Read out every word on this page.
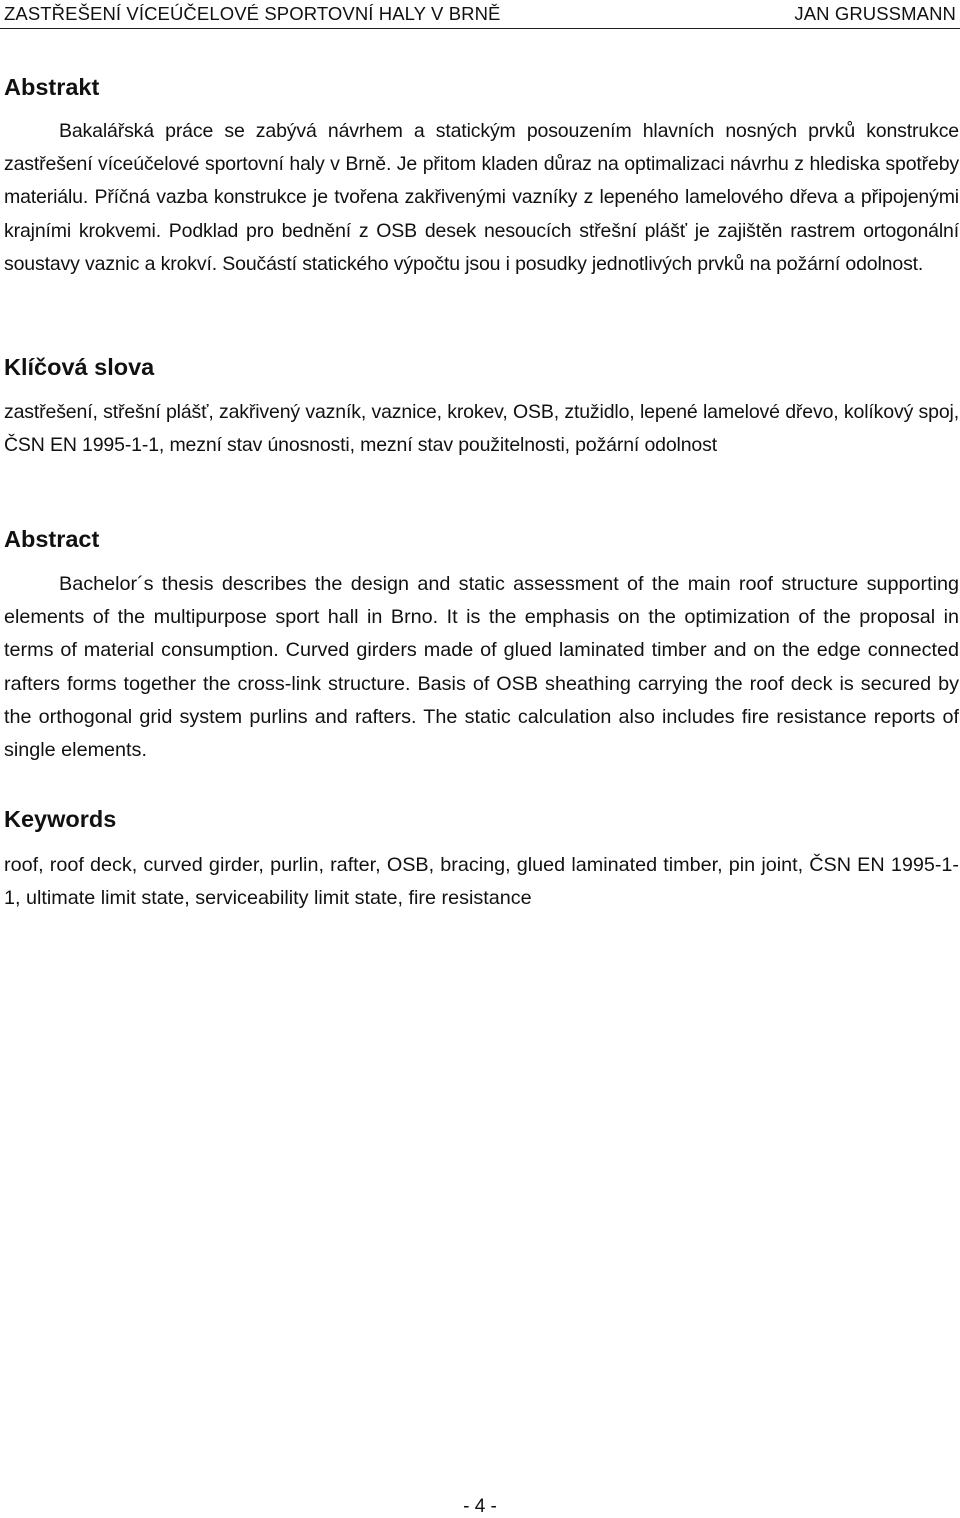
ZASTŘEŠENÍ VÍCEÚČELOVÉ SPORTOVNÍ HALY V BRNĚ	JAN GRUSSMANN
Abstrakt

Bakalářská práce se zabývá návrhem a statickým posouzením hlavních nosných prvků konstrukce zastřešení víceúčelové sportovní haly v Brně. Je přitom kladen důraz na optimalizaci návrhu z hlediska spotřeby materiálu. Příčná vazba konstrukce je tvořena zakřivenými vazníky z lepeného lamelového dřeva a připojenými krajními krokvemi. Podklad pro bednění z OSB desek nesoucích střešní plášť je zajištěn rastrem ortogonální soustavy vaznic a krokví. Součástí statického výpočtu jsou i posudky jednotlivých prvků na požární odolnost.

Klíčová slova

zastřešení, střešní plášť, zakřivený vazník, vaznice, krokev, OSB, ztužidlo, lepené lamelové dřevo, kolíkový spoj, ČSN EN 1995-1-1, mezní stav únosnosti, mezní stav použitelnosti, požární odolnost

Abstract

Bachelor´s thesis describes the design and static assessment of the main roof structure supporting elements of the multipurpose sport hall in Brno. It is the emphasis on the optimization of the proposal in terms of material consumption. Curved girders made of glued laminated timber and on the edge connected rafters forms together the cross-link structure. Basis of OSB sheathing carrying the roof deck is secured by the orthogonal grid system purlins and rafters. The static calculation also includes fire resistance reports of single elements.

Keywords

roof, roof deck, curved girder, purlin, rafter, OSB, bracing, glued laminated timber, pin joint, ČSN EN 1995-1-1, ultimate limit state, serviceability limit state, fire resistance

- 4 -
